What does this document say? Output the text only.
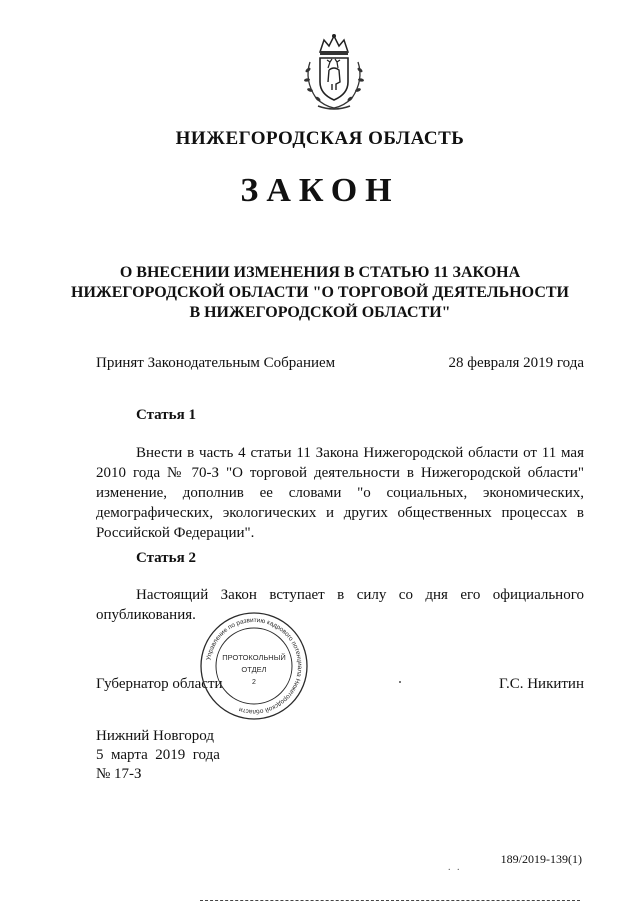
НИЖЕГОРОДСКАЯ ОБЛАСТЬ
ЗАКОН
О ВНЕСЕНИИ ИЗМЕНЕНИЯ В СТАТЬЮ 11 ЗАКОНА
НИЖЕГОРОДСКОЙ ОБЛАСТИ "О ТОРГОВОЙ ДЕЯТЕЛЬНОСТИ
В НИЖЕГОРОДСКОЙ ОБЛАСТИ"
Принят Законодательным Собранием	28 февраля 2019 года
Статья 1

Внести в часть 4 статьи 11 Закона Нижегородской области от 11 мая 2010 года № 70-З "О торговой деятельности в Нижегородской области" изменение, дополнив ее словами "о социальных, экономических, демографических, экологических и других общественных процессах в Российской Федерации".

Статья 2

Настоящий Закон вступает в силу со дня его официального опубликования.

Губернатор области	Г.С. Никитин
Управление по развитию кадрового потенциала Нижегородской области
ПРОТОКОЛЬНЫЙ
ОТДЕЛ
2
Нижний Новгород
5  марта  2019  года
№ 17-З
. .
189/2019-139(1)
